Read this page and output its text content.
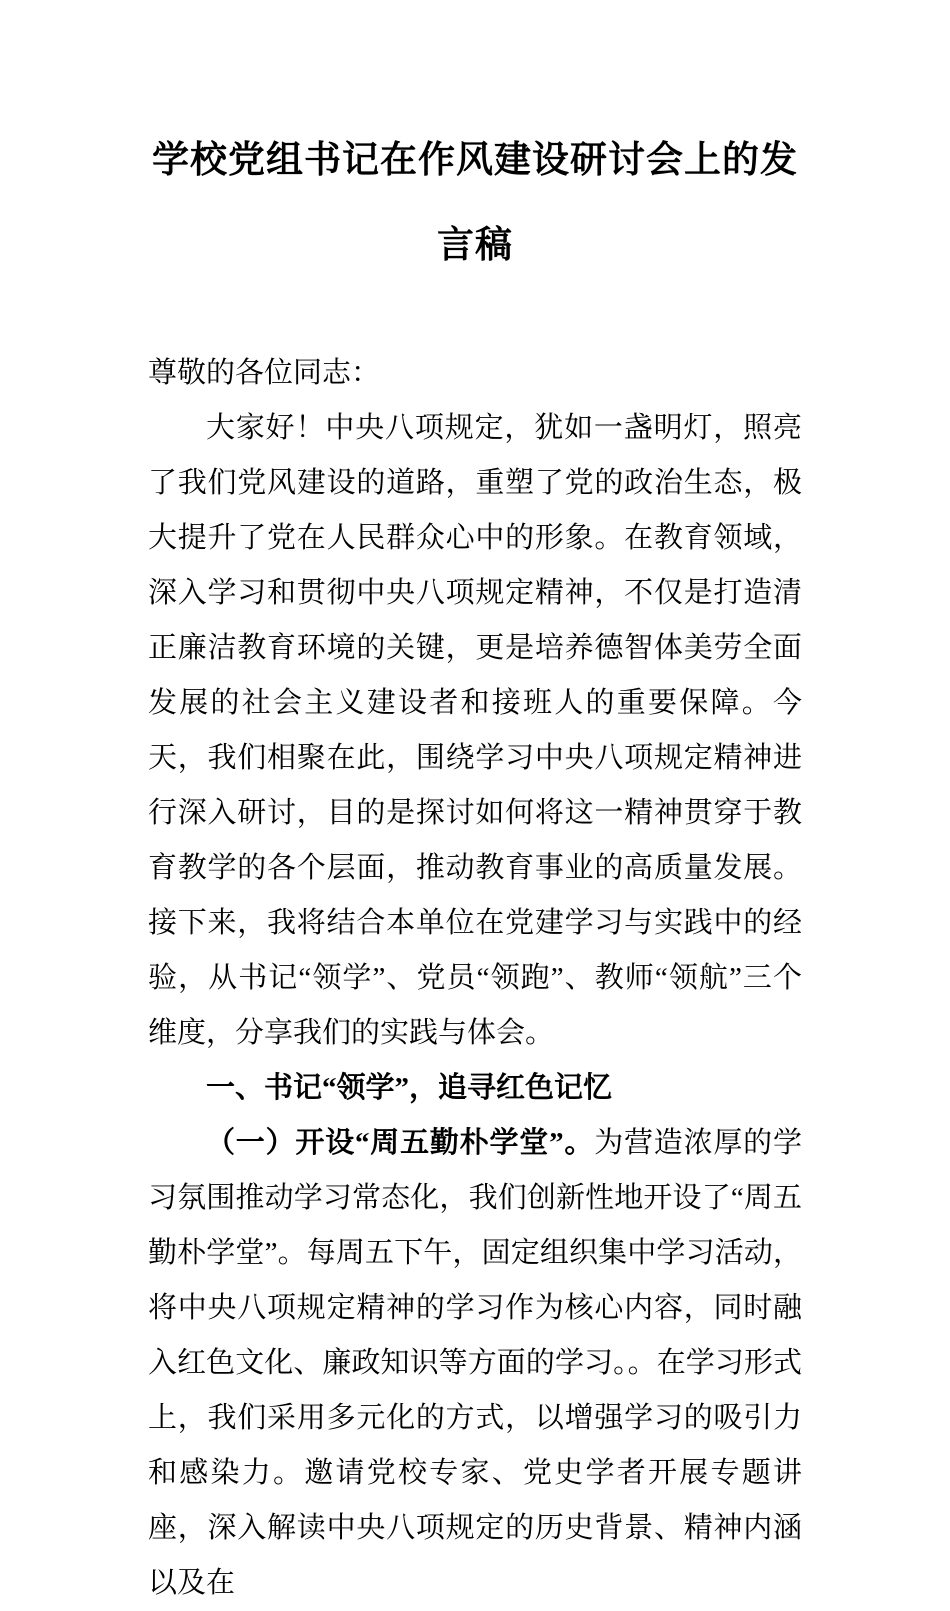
学校党组书记在作风建设研讨会上的发言稿

尊敬的各位同志：

大家好！中央八项规定，犹如一盏明灯，照亮了我们党风建设的道路，重塑了党的政治生态，极大提升了党在人民群众心中的形象。在教育领域，深入学习和贯彻中央八项规定精神，不仅是打造清正廉洁教育环境的关键，更是培养德智体美劳全面发展的社会主义建设者和接班人的重要保障。今天，我们相聚在此，围绕学习中央八项规定精神进行深入研讨，目的是探讨如何将这一精神贯穿于教育教学的各个层面，推动教育事业的高质量发展。接下来，我将结合本单位在党建学习与实践中的经验，从书记“领学”、党员“领跑”、教师“领航”三个维度，分享我们的实践与体会。

一、书记“领学”，追寻红色记忆

（一）开设“周五勤朴学堂”。为营造浓厚的学习氛围推动学习常态化，我们创新性地开设了“周五勤朴学堂”。每周五下午，固定组织集中学习活动，将中央八项规定精神的学习作为核心内容，同时融入红色文化、廉政知识等方面的学习。。在学习形式上，我们采用多元化的方式，以增强学习的吸引力和感染力。邀请党校专家、党史学者开展专题讲座，深入解读中央八项规定的历史背景、精神内涵以及在
